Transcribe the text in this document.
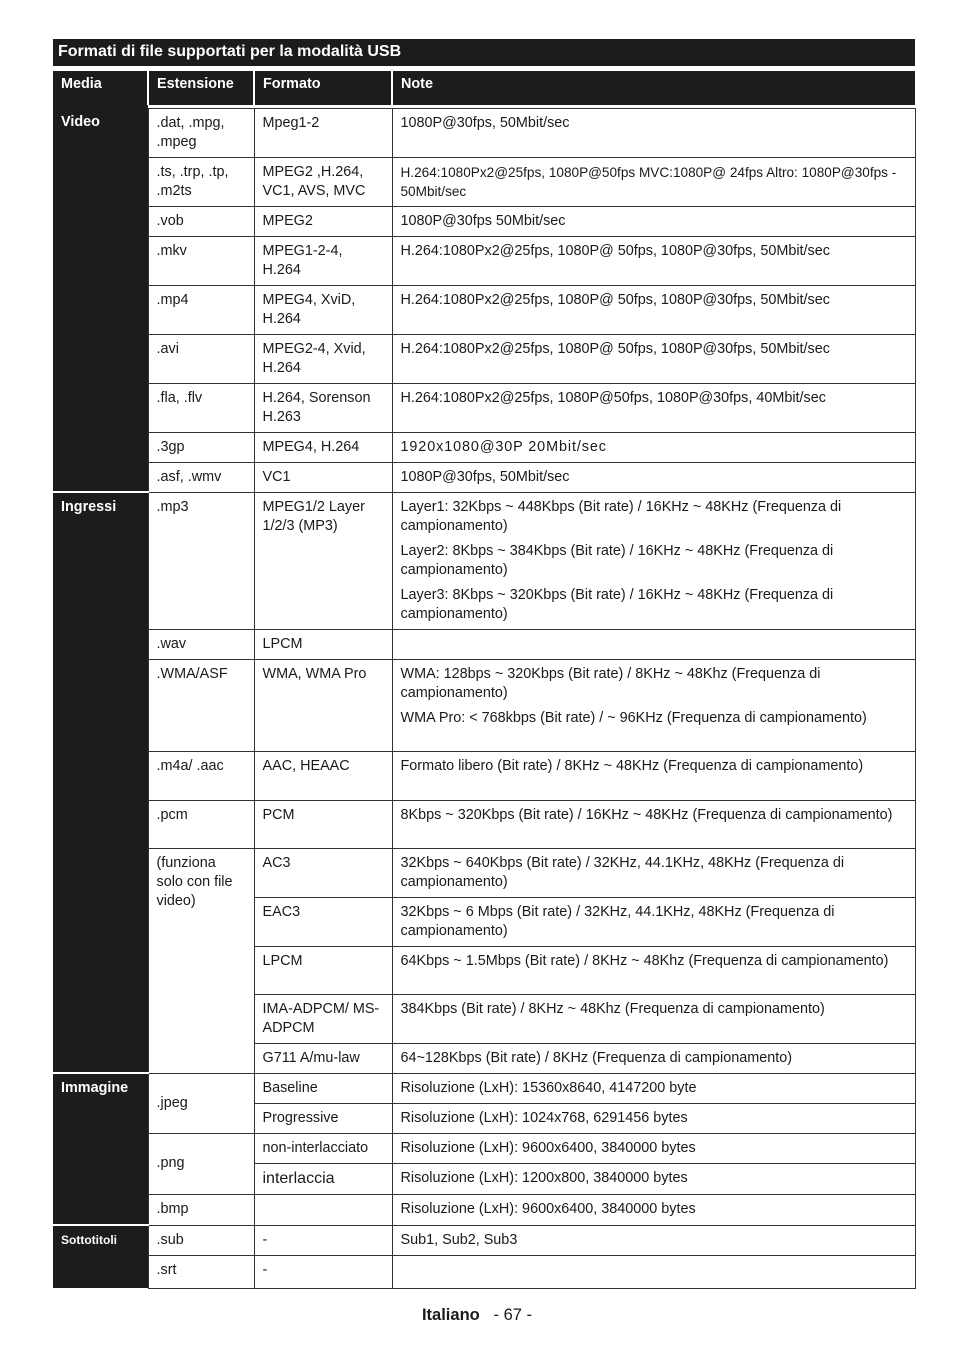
Formati di file supportati per la modalità USB
Media	Estensione	Formato	Note

Video	.dat, .mpg, .mpeg	Mpeg1-2	1080P@30fps, 50Mbit/sec
	.ts, .trp, .tp, .m2ts	MPEG2 ,H.264, VC1, AVS, MVC	H.264:1080Px2@25fps, 1080P@50fps MVC:1080P@ 24fps Altro: 1080P@30fps - 50Mbit/sec
	.vob	MPEG2	1080P@30fps 50Mbit/sec
	.mkv	MPEG1-2-4, H.264	H.264:1080Px2@25fps, 1080P@ 50fps, 1080P@30fps, 50Mbit/sec
	.mp4	MPEG4, XviD, H.264	H.264:1080Px2@25fps, 1080P@ 50fps, 1080P@30fps, 50Mbit/sec
	.avi	MPEG2-4, Xvid, H.264	H.264:1080Px2@25fps, 1080P@ 50fps, 1080P@30fps, 50Mbit/sec
	.fla, .flv	H.264, Sorenson H.263	H.264:1080Px2@25fps, 1080P@50fps, 1080P@30fps, 40Mbit/sec
	.3gp	MPEG4, H.264	1920x1080@30P 20Mbit/sec
	.asf, .wmv	VC1	1080P@30fps, 50Mbit/sec
Ingressi	.mp3	MPEG1/2 Layer 1/2/3 (MP3)	Layer1: 32Kbps ~ 448Kbps (Bit rate) / 16KHz ~ 48KHz (Frequenza di campionamento)
Layer2: 8Kbps ~ 384Kbps (Bit rate) / 16KHz ~ 48KHz (Frequenza di campionamento)
Layer3: 8Kbps ~ 320Kbps (Bit rate) / 16KHz ~ 48KHz (Frequenza di campionamento)

	.wav	LPCM	
	.WMA/ASF	WMA, WMA Pro	WMA: 128bps ~ 320Kbps (Bit rate) / 8KHz ~ 48Khz (Frequenza di campionamento)
WMA Pro: < 768kbps (Bit rate) / ~ 96KHz (Frequenza di campionamento)

	.m4a/ .aac	AAC, HEAAC	Formato libero (Bit rate) / 8KHz ~ 48KHz (Frequenza di campionamento)
	.pcm	PCM	8Kbps ~ 320Kbps (Bit rate) / 16KHz ~ 48KHz (Frequenza di campionamento)
	(funziona solo con file video)	AC3	32Kbps ~ 640Kbps (Bit rate) / 32KHz, 44.1KHz, 48KHz (Frequenza di campionamento)
		EAC3	32Kbps ~ 6 Mbps (Bit rate) / 32KHz, 44.1KHz, 48KHz (Frequenza di campionamento)
		LPCM	64Kbps ~ 1.5Mbps (Bit rate) / 8KHz ~ 48Khz (Frequenza di campionamento)
		IMA-ADPCM/ MS-ADPCM	384Kbps (Bit rate) / 8KHz ~ 48Khz (Frequenza di campionamento)
		G711 A/mu-law	64~128Kbps (Bit rate) / 8KHz (Frequenza di campionamento)
Immagine	.jpeg	Baseline	Risoluzione (LxH): 15360x8640, 4147200 byte
		Progressive	Risoluzione (LxH): 1024x768, 6291456 bytes
	.png	non-interlacciato	Risoluzione (LxH): 9600x6400, 3840000 bytes
		interlaccia	Risoluzione (LxH): 1200x800, 3840000 bytes
	.bmp		Risoluzione (LxH): 9600x6400, 3840000 bytes
Sottotitoli	.sub	-	Sub1, Sub2, Sub3
	.srt	-	
Italiano - 67 -
